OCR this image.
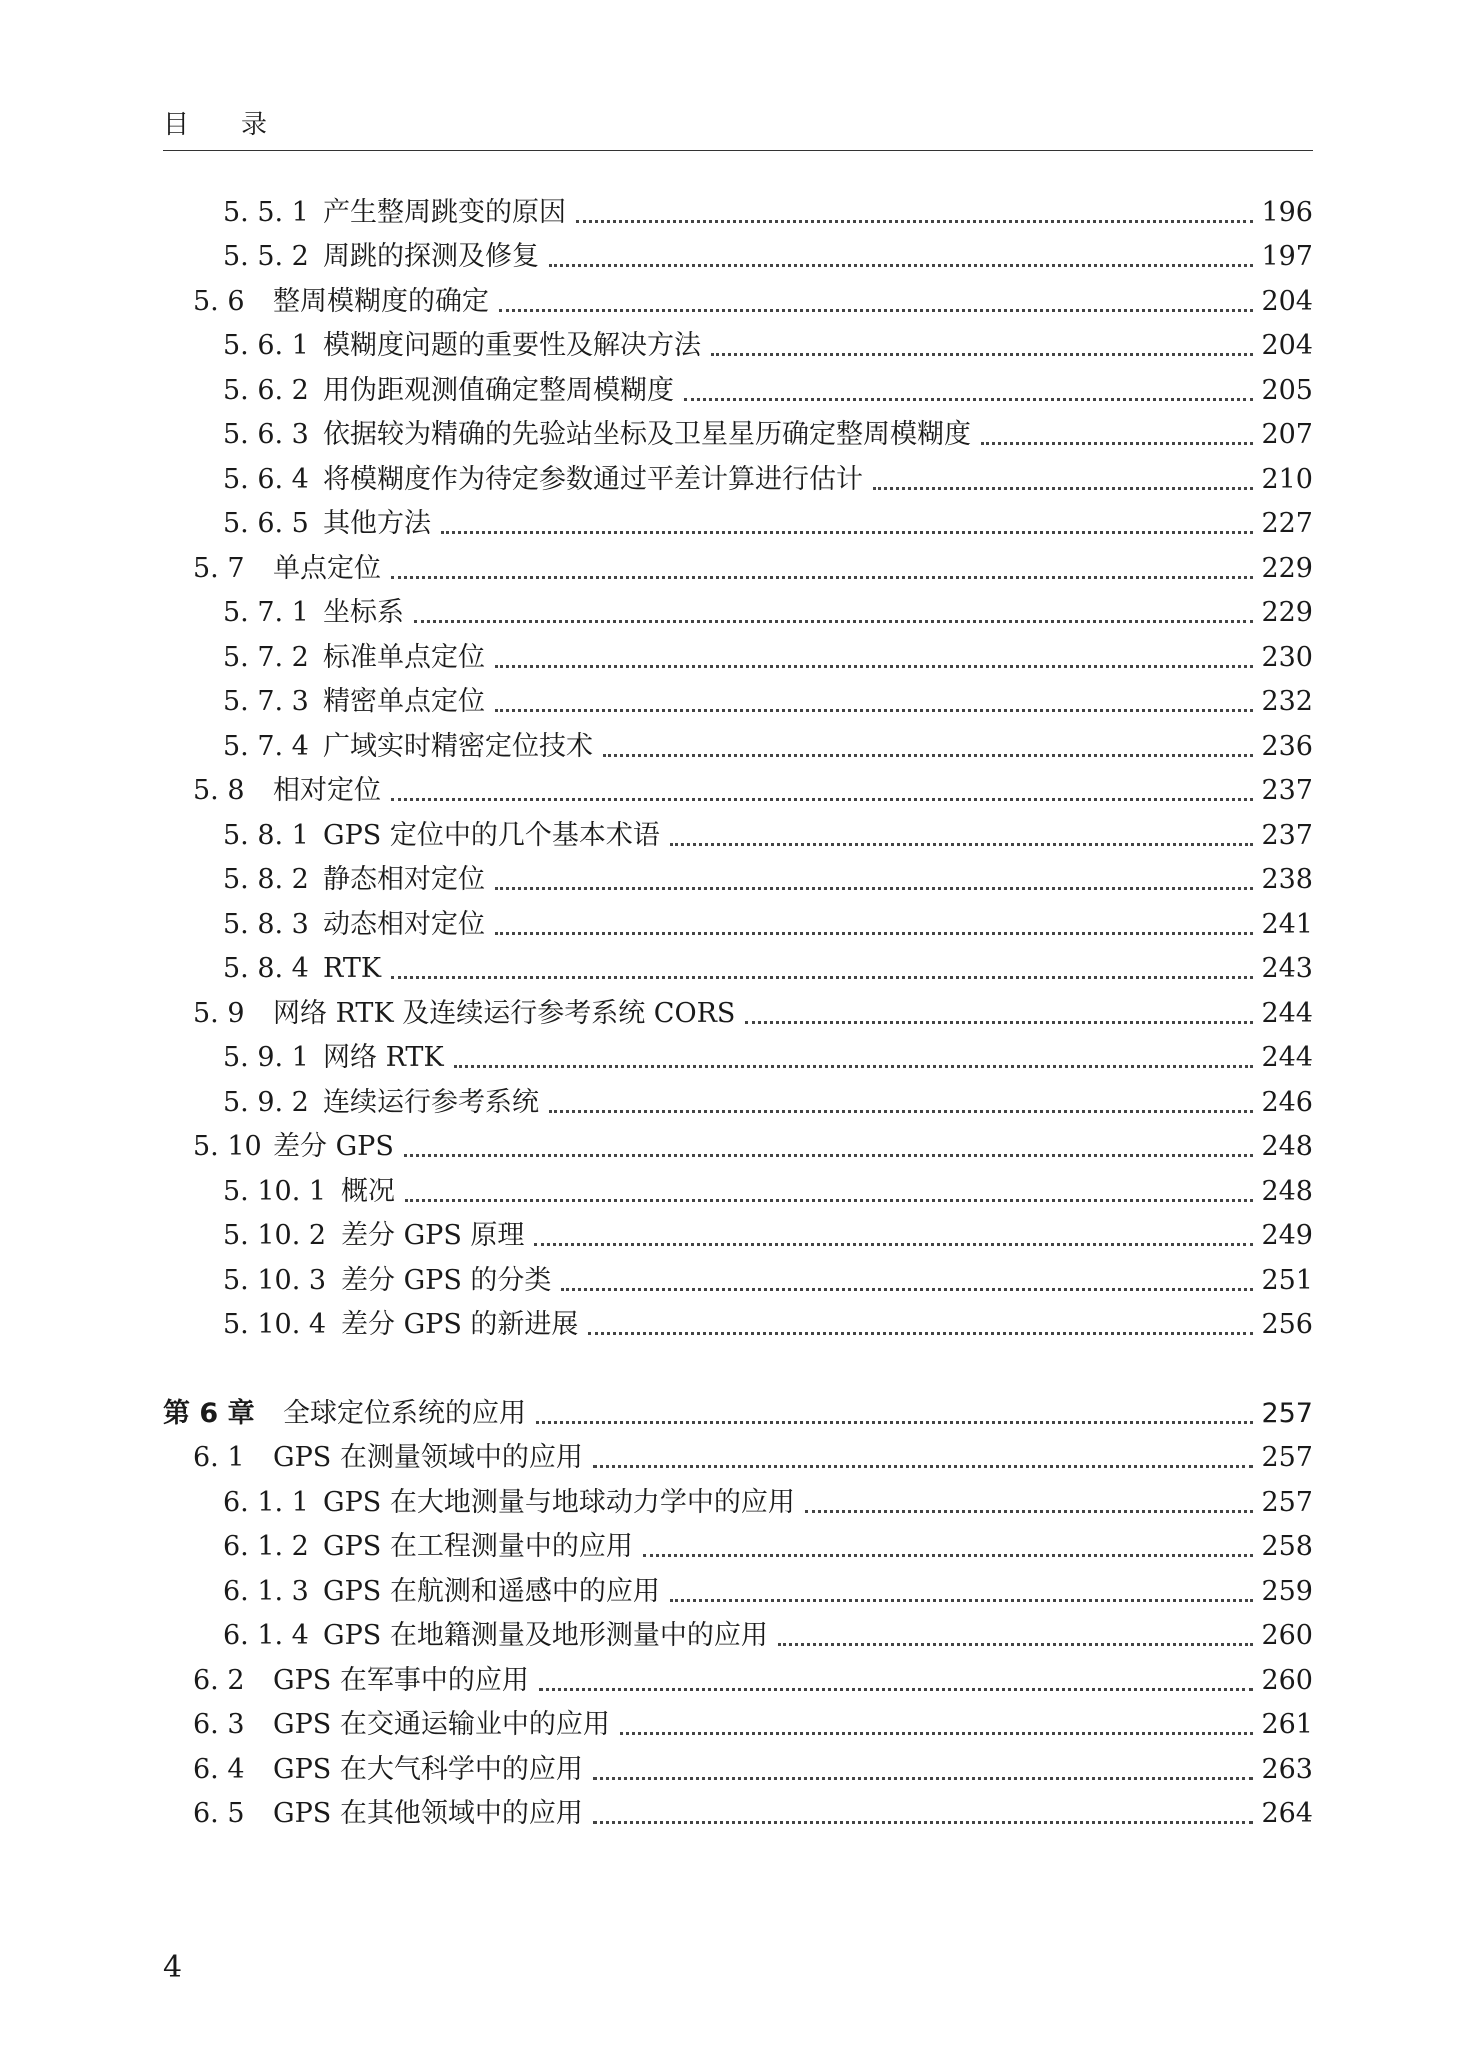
目　　录
5. 5. 1 产生整周跳变的原因	196
5. 5. 2 周跳的探测及修复	197
5. 6	整周模糊度的确定	204
5. 6. 1 模糊度问题的重要性及解决方法	204
5. 6. 2 用伪距观测值确定整周模糊度	205
5. 6. 3 依据较为精确的先验站坐标及卫星星历确定整周模糊度	207
5. 6. 4 将模糊度作为待定参数通过平差计算进行估计	210
5. 6. 5 其他方法	227
5. 7	单点定位	229
5. 7. 1 坐标系	229
5. 7. 2 标准单点定位	230
5. 7. 3 精密单点定位	232
5. 7. 4 广域实时精密定位技术	236
5. 8	相对定位	237
5. 8. 1 GPS 定位中的几个基本术语	237
5. 8. 2 静态相对定位	238
5. 8. 3 动态相对定位	241
5. 8. 4 RTK	243
5. 9	网络 RTK 及连续运行参考系统 CORS	244
5. 9. 1 网络 RTK	244
5. 9. 2 连续运行参考系统	246
5. 10 差分 GPS	248
5. 10. 1 概况	248
5. 10. 2 差分 GPS 原理	249
5. 10. 3 差分 GPS 的分类	251
5. 10. 4 差分 GPS 的新进展	256
第 6 章	全球定位系统的应用	257
6. 1	GPS 在测量领域中的应用	257
6. 1. 1 GPS 在大地测量与地球动力学中的应用	257
6. 1. 2 GPS 在工程测量中的应用	258
6. 1. 3 GPS 在航测和遥感中的应用	259
6. 1. 4 GPS 在地籍测量及地形测量中的应用	260
6. 2	GPS 在军事中的应用	260
6. 3	GPS 在交通运输业中的应用	261
6. 4	GPS 在大气科学中的应用	263
6. 5	GPS 在其他领域中的应用	264
4
